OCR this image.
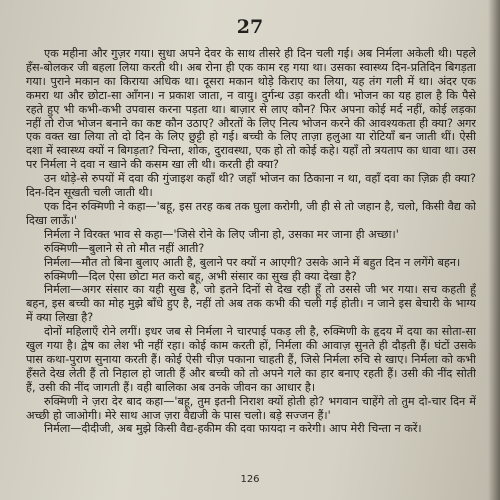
27

एक महीना और गुज़र गया। सुधा अपने देवर के साथ तीसरे ही दिन चली गई। अब निर्मला अकेली थी। पहले हँस-बोलकर जी बहला लिया करती थी। अब रोना ही एक काम रह गया था। उसका स्वास्थ्य दिन-प्रतिदिन बिगड़ता गया। पुराने मकान का किराया अधिक था। दूसरा मकान थोड़े किराए का लिया, यह तंग गली में था। अंदर एक कमरा था और छोटा-सा आँगन। न प्रकाश जाता, न वायु। दुर्गन्ध उड़ा करती थी। भोजन का यह हाल है कि पैसे रहते हुए भी कभी-कभी उपवास करना पड़ता था। बाज़ार से लाए कौन? फिर अपना कोई मर्द नहीं, कोई लड़का नहीं तो रोज भोजन बनाने का कष्ट कौन उठाए? औरतों के लिए नित्य भोजन करने की आवश्यकता ही क्या? अगर एक वक्त खा लिया तो दो दिन के लिए छुट्टी हो गई। बच्ची के लिए ताज़ा हलुआ या रोटियाँ बन जाती थीं। ऐसी दशा में स्वास्थ्य क्यों न बिगड़ता? चिन्ता, शोक, दुरावस्था, एक हो तो कोई कहे। यहाँ तो त्रयताप का धावा था। उस पर निर्मला ने दवा न खाने की कसम खा ली थी। करती ही क्या?

उन थोड़े-से रुपयों में दवा की गुंजाइश कहाँ थी? जहाँ भोजन का ठिकाना न था, वहाँ दवा का ज़िक्र ही क्या? दिन-दिन सूखती चली जाती थी।

एक दिन रुक्मिणी ने कहा—'बहू, इस तरह कब तक घुला करोगी, जी ही से तो जहान है, चलो, किसी वैद्य को दिखा लाऊँ।'

निर्मला ने विरक्त भाव से कहा—'जिसे रोने के लिए जीना हो, उसका मर जाना ही अच्छा।'

रुक्मिणी—बुलाने से तो मौत नहीं आती?

निर्मला—मौत तो बिना बुलाए आती है, बुलाने पर क्यों न आएगी? उसके आने में बहुत दिन न लगेंगे बहन।

रुक्मिणी—दिल ऐसा छोटा मत करो बहू, अभी संसार का सुख ही क्या देखा है?

निर्मला—अगर संसार का यही सुख है, जो इतने दिनों से देख रही हूँ तो उससे जी भर गया। सच कहती हूँ बहन, इस बच्ची का मोह मुझे बाँधे हुए है, नहीं तो अब तक कभी की चली गई होती। न जाने इस बेचारी के भाग्य में क्या लिखा है?

दोनों महिलाएँ रोने लगीं। इधर जब से निर्मला ने चारपाई पकड़ ली है, रुक्मिणी के हृदय में दया का सोता-सा खुल गया है। द्वेष का लेश भी नहीं रहा। कोई काम करती हों, निर्मला की आवाज़ सुनते ही दौड़ती हैं। घंटों उसके पास कथा-पुराण सुनाया करती हैं। कोई ऐसी चीज़ पकाना चाहती हैं, जिसे निर्मला रुचि से खाए। निर्मला को कभी हँसते देख लेती हैं तो निहाल हो जाती हैं और बच्ची को तो अपने गले का हार बनाए रहती हैं। उसी की नींद सोती हैं, उसी की नींद जागती हैं। वही बालिका अब उनके जीवन का आधार है।

रुक्मिणी ने ज़रा देर बाद कहा—'बहू, तुम इतनी निराश क्यों होती हो? भगवान चाहेंगे तो तुम दो-चार दिन में अच्छी हो जाओगी। मेरे साथ आज ज़रा वैद्यजी के पास चलो। बड़े सज्जन हैं।'

निर्मला—दीदीजी, अब मुझे किसी वैद्य-हकीम की दवा फायदा न करेगी। आप मेरी चिन्ता न करें।

126
